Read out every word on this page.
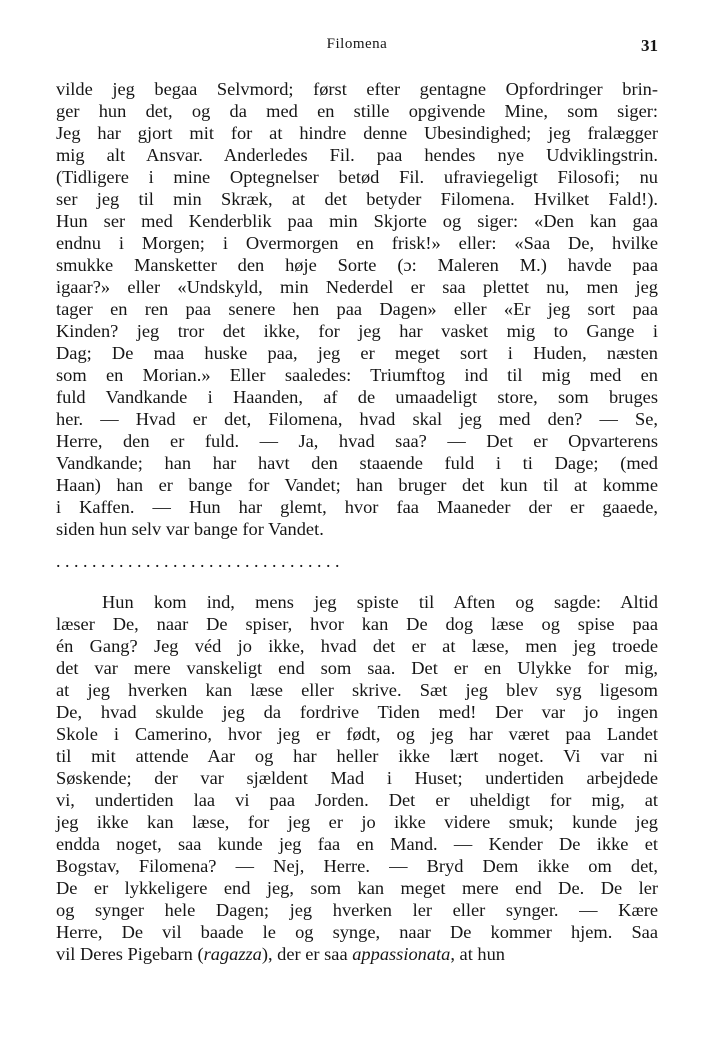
Filomena	31
vilde jeg begaa Selvmord; først efter gentagne Opfordringer brin-
ger hun det, og da med en stille opgivende Mine, som siger:
Jeg har gjort mit for at hindre denne Ubesindighed; jeg fralægger
mig alt Ansvar. Anderledes Fil. paa hendes nye Udviklingstrin.
(Tidligere i mine Optegnelser betød Fil. ufraviegeligt Filosofi; nu
ser jeg til min Skræk, at det betyder Filomena. Hvilket Fald!).
Hun ser med Kenderblik paa min Skjorte og siger: «Den kan gaa
endnu i Morgen; i Overmorgen en frisk!» eller: «Saa De, hvilke
smukke Mansketter den høje Sorte (ɔ: Maleren M.) havde paa
igaar?» eller «Undskyld, min Nederdel er saa plettet nu, men jeg
tager en ren paa senere hen paa Dagen» eller «Er jeg sort paa
Kinden? jeg tror det ikke, for jeg har vasket mig to Gange i
Dag; De maa huske paa, jeg er meget sort i Huden, næsten
som en Morian.» Eller saaledes: Triumftog ind til mig med en
fuld Vandkande i Haanden, af de umaadeligt store, som bruges
her. — Hvad er det, Filomena, hvad skal jeg med den? — Se,
Herre, den er fuld. — Ja, hvad saa? — Det er Opvarterens
Vandkande; han har havt den staaende fuld i ti Dage; (med
Haan) han er bange for Vandet; han bruger det kun til at komme
i Kaffen. — Hun har glemt, hvor faa Maaneder der er gaaede,
siden hun selv var bange for Vandet.
. . . . . . . . . . . . . . . . . . . . . . . . . . . . . . . .
Hun kom ind, mens jeg spiste til Aften og sagde: Altid
læser De, naar De spiser, hvor kan De dog læse og spise paa
én Gang? Jeg véd jo ikke, hvad det er at læse, men jeg troede
det var mere vanskeligt end som saa. Det er en Ulykke for mig,
at jeg hverken kan læse eller skrive. Sæt jeg blev syg ligesom
De, hvad skulde jeg da fordrive Tiden med! Der var jo ingen
Skole i Camerino, hvor jeg er født, og jeg har været paa Landet
til mit attende Aar og har heller ikke lært noget. Vi var ni
Søskende; der var sjældent Mad i Huset; undertiden arbejdede
vi, undertiden laa vi paa Jorden. Det er uheldigt for mig, at
jeg ikke kan læse, for jeg er jo ikke videre smuk; kunde jeg
endda noget, saa kunde jeg faa en Mand. — Kender De ikke et
Bogstav, Filomena? — Nej, Herre. — Bryd Dem ikke om det,
De er lykkeligere end jeg, som kan meget mere end De. De ler
og synger hele Dagen; jeg hverken ler eller synger. — Kære
Herre, De vil baade le og synge, naar De kommer hjem. Saa
vil Deres Pigebarn (ragazza), der er saa appassionata, at hun
